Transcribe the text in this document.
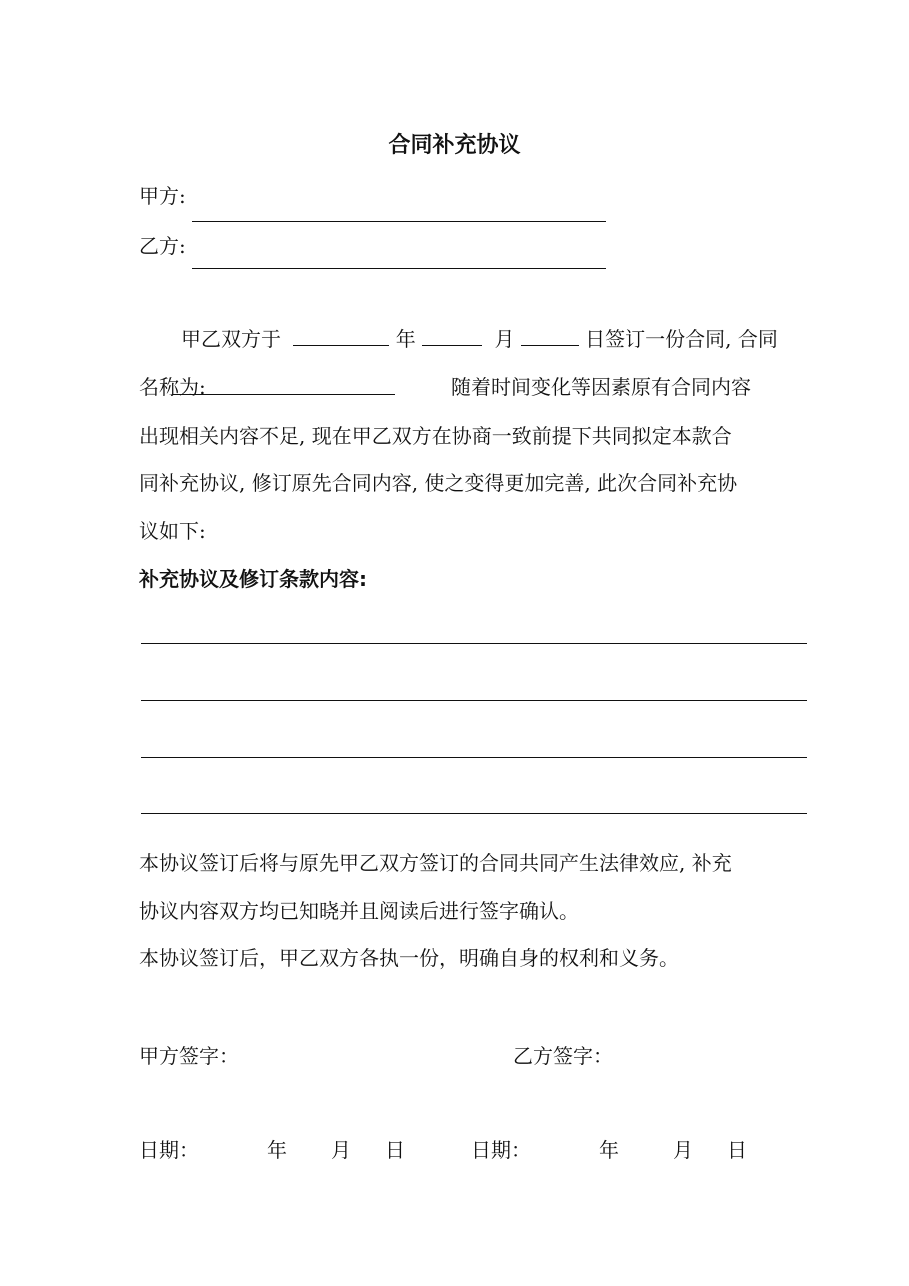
合同补充协议
甲方:
乙方:
甲乙双方于	年	月	日签订一份合同, 合同
名称为:	随着时间变化等因素原有合同内容
出现相关内容不足, 现在甲乙双方在协商一致前提下共同拟定本款合
同补充协议, 修订原先合同内容, 使之变得更加完善, 此次合同补充协
议如下:
补充协议及修订条款内容:
本协议签订后将与原先甲乙双方签订的合同共同产生法律效应, 补充
协议内容双方均已知晓并且阅读后进行签字确认。
本协议签订后，甲乙双方各执一份，明确自身的权利和义务。
甲方签字：	乙方签字：
日期：	年 月 日	日期：	年	月 日
